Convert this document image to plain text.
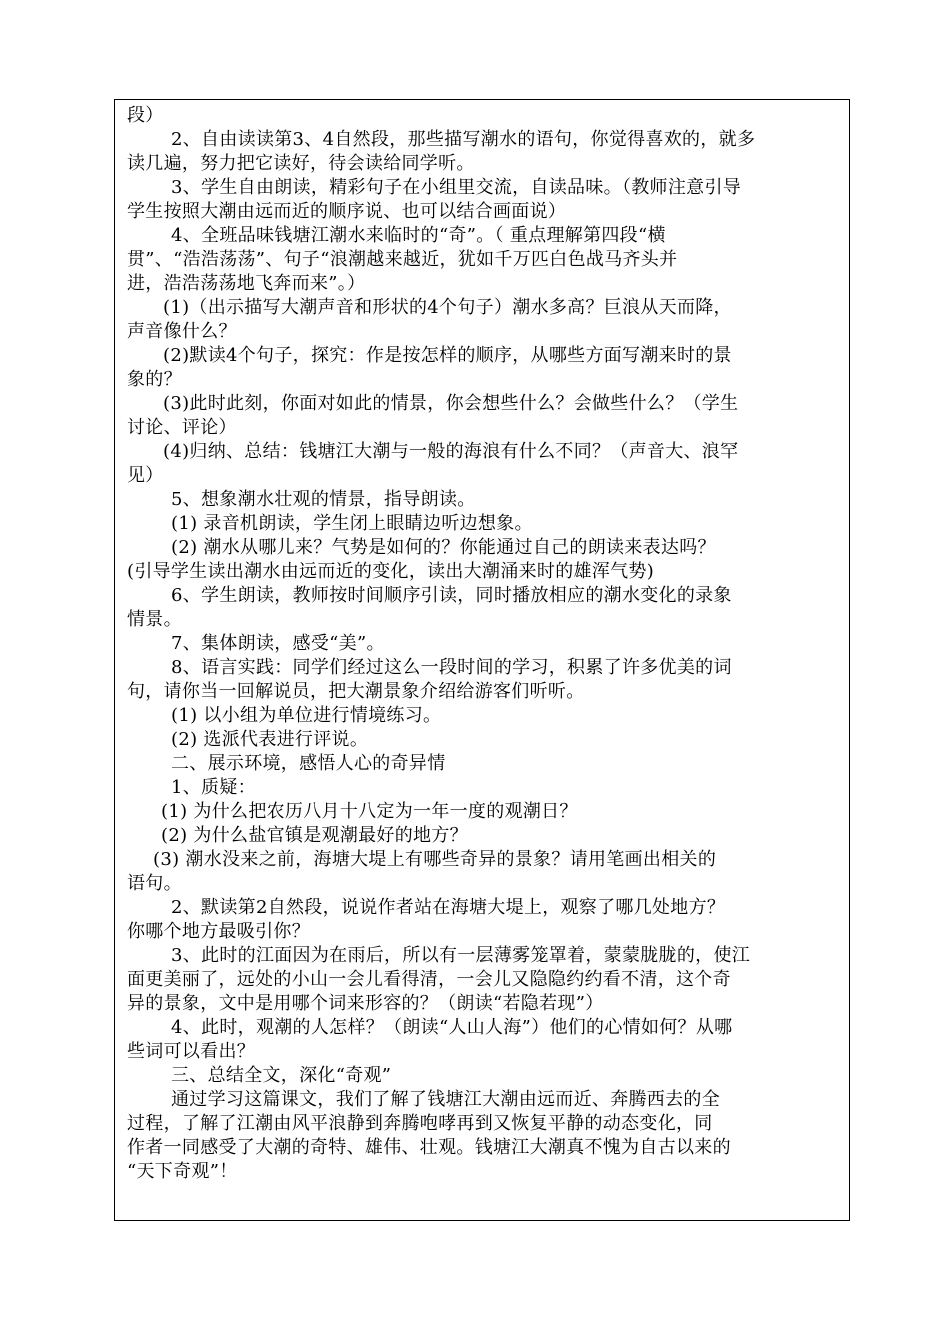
段）
2、自由读读第3、4自然段，那些描写潮水的语句，你觉得喜欢的，就多
读几遍，努力把它读好，待会读给同学听。
3、学生自由朗读，精彩句子在小组里交流，自读品味。（教师注意引导
学生按照大潮由远而近的顺序说、也可以结合画面说）
4、全班品味钱塘江潮水来临时的“奇”。（ 重点理解第四段“横
贯”、“浩浩荡荡”、句子“浪潮越来越近，犹如千万匹白色战马齐头并
进，浩浩荡荡地飞奔而来”。）
(1)（出示描写大潮声音和形状的4个句子）潮水多高？巨浪从天而降，
声音像什么？
(2)默读4个句子，探究：作是按怎样的顺序，从哪些方面写潮来时的景
象的？
(3)此时此刻，你面对如此的情景，你会想些什么？会做些什么？（学生
讨论、评论）
(4)归纳、总结：钱塘江大潮与一般的海浪有什么不同？（声音大、浪罕
见）
5、想象潮水壮观的情景，指导朗读。
(1) 录音机朗读，学生闭上眼睛边听边想象。
(2) 潮水从哪儿来？气势是如何的？你能通过自己的朗读来表达吗？
(引导学生读出潮水由远而近的变化，读出大潮涌来时的雄浑气势)
6、学生朗读，教师按时间顺序引读，同时播放相应的潮水变化的录象
情景。
7、集体朗读，感受“美”。
8、语言实践：同学们经过这么一段时间的学习，积累了许多优美的词
句，请你当一回解说员，把大潮景象介绍给游客们听听。
(1) 以小组为单位进行情境练习。
(2) 选派代表进行评说。
二、展示环境，感悟人心的奇异情
1、质疑：
(1) 为什么把农历八月十八定为一年一度的观潮日？
(2) 为什么盐官镇是观潮最好的地方？
(3) 潮水没来之前，海塘大堤上有哪些奇异的景象？请用笔画出相关的
语句。
2、默读第2自然段，说说作者站在海塘大堤上，观察了哪几处地方？
你哪个地方最吸引你？
3、此时的江面因为在雨后，所以有一层薄雾笼罩着，蒙蒙胧胧的，使江
面更美丽了，远处的小山一会儿看得清，一会儿又隐隐约约看不清，这个奇
异的景象，文中是用哪个词来形容的？（朗读“若隐若现”）
4、此时，观潮的人怎样？（朗读“人山人海”）他们的心情如何？从哪
些词可以看出？
三、总结全文，深化“奇观”
通过学习这篇课文，我们了解了钱塘江大潮由远而近、奔腾西去的全
过程，了解了江潮由风平浪静到奔腾咆哮再到又恢复平静的动态变化，同
作者一同感受了大潮的奇特、雄伟、壮观。钱塘江大潮真不愧为自古以来的
“天下奇观”！
